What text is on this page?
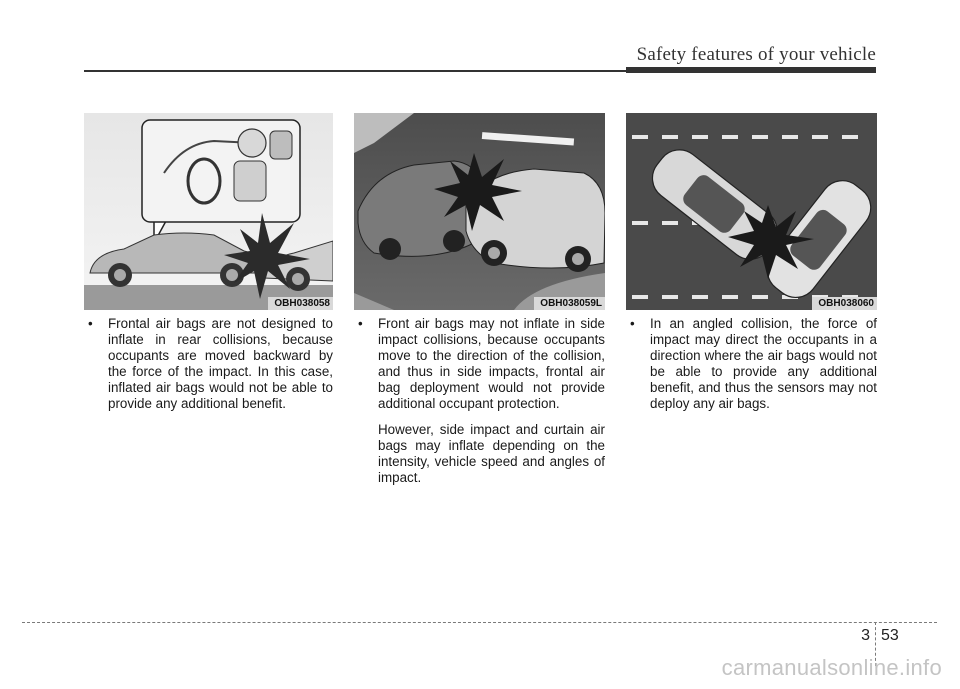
Safety features of your vehicle
OBH038058	OBH038059L	OBH038060

• Frontal air bags are not designed to inflate in rear collisions, because occupants are moved backward by the force of the impact. In this case, inflated air bags would not be able to provide any additional benefit.

• Front air bags may not inflate in side impact collisions, because occupants move to the direction of the collision, and thus in side impacts, frontal air bag deployment would not provide additional occupant protection.

However, side impact and curtain air bags may inflate depending on the intensity, vehicle speed and angles of impact.

• In an angled collision, the force of impact may direct the occupants in a direction where the air bags would not be able to provide any additional benefit, and thus the sensors may not deploy any air bags.

3 53
carmanualsonline.info
